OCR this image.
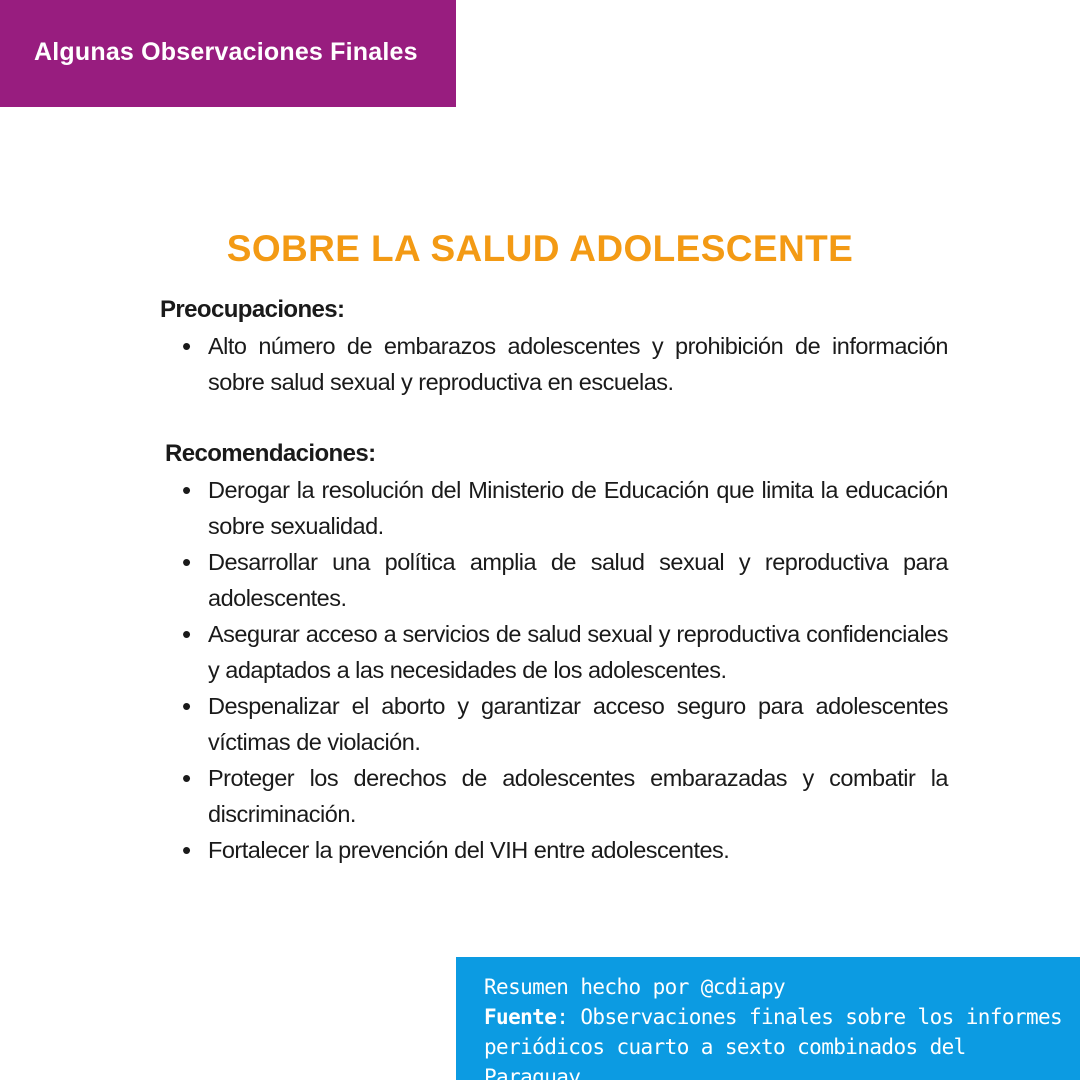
Algunas Observaciones Finales
SOBRE LA SALUD ADOLESCENTE

Preocupaciones:

• Alto número de embarazos adolescentes y prohibición de información sobre salud sexual y reproductiva en escuelas.

Recomendaciones:

• Derogar la resolución del Ministerio de Educación que limita la educación sobre sexualidad.
• Desarrollar una política amplia de salud sexual y reproductiva para adolescentes.
• Asegurar acceso a servicios de salud sexual y reproductiva confidenciales y adaptados a las necesidades de los adolescentes.
• Despenalizar el aborto y garantizar acceso seguro para adolescentes víctimas de violación.
• Proteger los derechos de adolescentes embarazadas y combatir la discriminación.
• Fortalecer la prevención del VIH entre adolescentes.
Resumen hecho por @cdiapy
Fuente: Observaciones finales sobre los informes periódicos cuarto a sexto combinados del Paraguay.
